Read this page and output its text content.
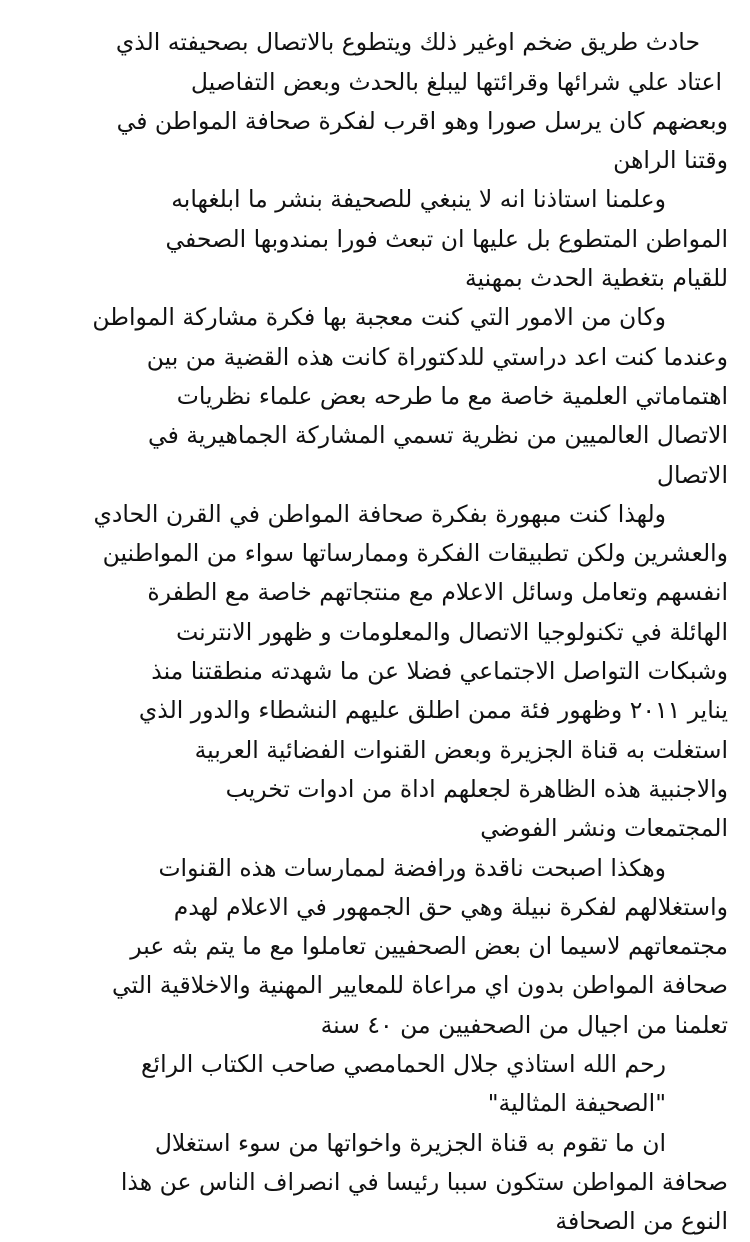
حادث طريق ضخم اوغير ذلك ويتطوع بالاتصال بصحيفته الذي
اعتاد علي شرائها وقرائتها ليبلغ بالحدث وبعض التفاصيل
وبعضهم كان يرسل صورا وهو اقرب لفكرة صحافة المواطن في
وقتنا الراهن
وعلمنا استاذنا انه لا ينبغي للصحيفة بنشر ما ابلغهابه
المواطن المتطوع بل عليها ان تبعث فورا بمندوبها الصحفي
للقيام بتغطية الحدث بمهنية
وكان من الامور التي كنت معجبة بها فكرة مشاركة المواطن
وعندما كنت اعد دراستي للدكتوراة كانت هذه القضية من بين
اهتماماتي العلمية خاصة مع ما طرحه بعض علماء نظريات
الاتصال العالميين من نظرية تسمي المشاركة الجماهيرية في
الاتصال
ولهذا كنت مبهورة بفكرة صحافة المواطن في القرن الحادي
والعشرين ولكن تطبيقات الفكرة وممارساتها سواء من المواطنين
انفسهم وتعامل وسائل الاعلام مع منتجاتهم خاصة مع الطفرة
الهائلة في تكنولوجيا الاتصال والمعلومات و ظهور الانترنت
وشبكات التواصل الاجتماعي فضلا عن ما شهدته منطقتنا منذ
يناير ٢٠١١ وظهور فئة ممن اطلق عليهم النشطاء والدور الذي
استغلت به قناة الجزيرة وبعض القنوات الفضائية العربية
والاجنبية هذه الظاهرة لجعلهم اداة من ادوات تخريب
المجتمعات ونشر الفوضي
وهكذا اصبحت ناقدة ورافضة لممارسات هذه القنوات
واستغلالهم لفكرة نبيلة وهي حق الجمهور في الاعلام لهدم
مجتمعاتهم لاسيما ان بعض الصحفيين تعاملوا مع ما يتم بثه عبر
صحافة المواطن بدون اي مراعاة للمعايير المهنية والاخلاقية التي
تعلمنا من اجيال من الصحفيين من ٤٠ سنة
رحم الله استاذي جلال الحمامصي صاحب الكتاب الرائع
"الصحيفة المثالية"
ان ما تقوم به قناة الجزيرة واخواتها من سوء استغلال
صحافة المواطن ستكون سببا رئيسا في انصراف الناس عن هذا
النوع من الصحافة
